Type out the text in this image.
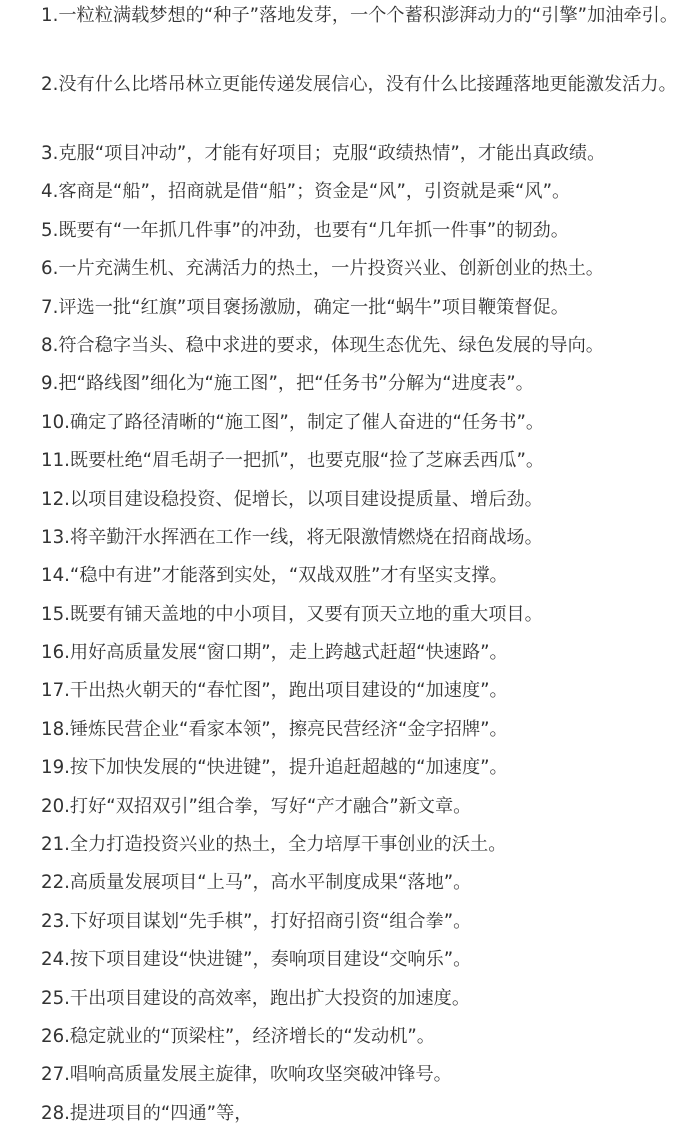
1.一粒粒满载梦想的“种子”落地发芽，一个个蓄积澎湃动力的“引擎”加油牵引。

2.没有什么比塔吊林立更能传递发展信心，没有什么比接踵落地更能激发活力。

3.克服“项目冲动”，才能有好项目；克服“政绩热情”，才能出真政绩。

4.客商是“船”，招商就是借“船”；资金是“风”，引资就是乘“风”。

5.既要有“一年抓几件事”的冲劲，也要有“几年抓一件事”的韧劲。

6.一片充满生机、充满活力的热土，一片投资兴业、创新创业的热土。

7.评选一批“红旗”项目褒扬激励，确定一批“蜗牛”项目鞭策督促。

8.符合稳字当头、稳中求进的要求，体现生态优先、绿色发展的导向。

9.把“路线图”细化为“施工图”，把“任务书”分解为“进度表”。

10.确定了路径清晰的“施工图”，制定了催人奋进的“任务书”。

11.既要杜绝“眉毛胡子一把抓”，也要克服“捡了芝麻丢西瓜”。

12.以项目建设稳投资、促增长，以项目建设提质量、增后劲。

13.将辛勤汗水挥洒在工作一线，将无限激情燃烧在招商战场。

14.“稳中有进”才能落到实处，“双战双胜”才有坚实支撑。

15.既要有铺天盖地的中小项目，又要有顶天立地的重大项目。

16.用好高质量发展“窗口期”，走上跨越式赶超“快速路”。

17.干出热火朝天的“春忙图”，跑出项目建设的“加速度”。

18.锤炼民营企业“看家本领”，擦亮民营经济“金字招牌”。

19.按下加快发展的“快进键”，提升追赶超越的“加速度”。

20.打好“双招双引”组合拳，写好“产才融合”新文章。

21.全力打造投资兴业的热土，全力培厚干事创业的沃土。

22.高质量发展项目“上马”，高水平制度成果“落地”。

23.下好项目谋划“先手棋”，打好招商引资“组合拳”。

24.按下项目建设“快进键”，奏响项目建设“交响乐”。

25.干出项目建设的高效率，跑出扩大投资的加速度。

26.稳定就业的“顶梁柱”，经济增长的“发动机”。

27.唱响高质量发展主旋律，吹响攻坚突破冲锋号。

28.提进项目的“四通”等，
